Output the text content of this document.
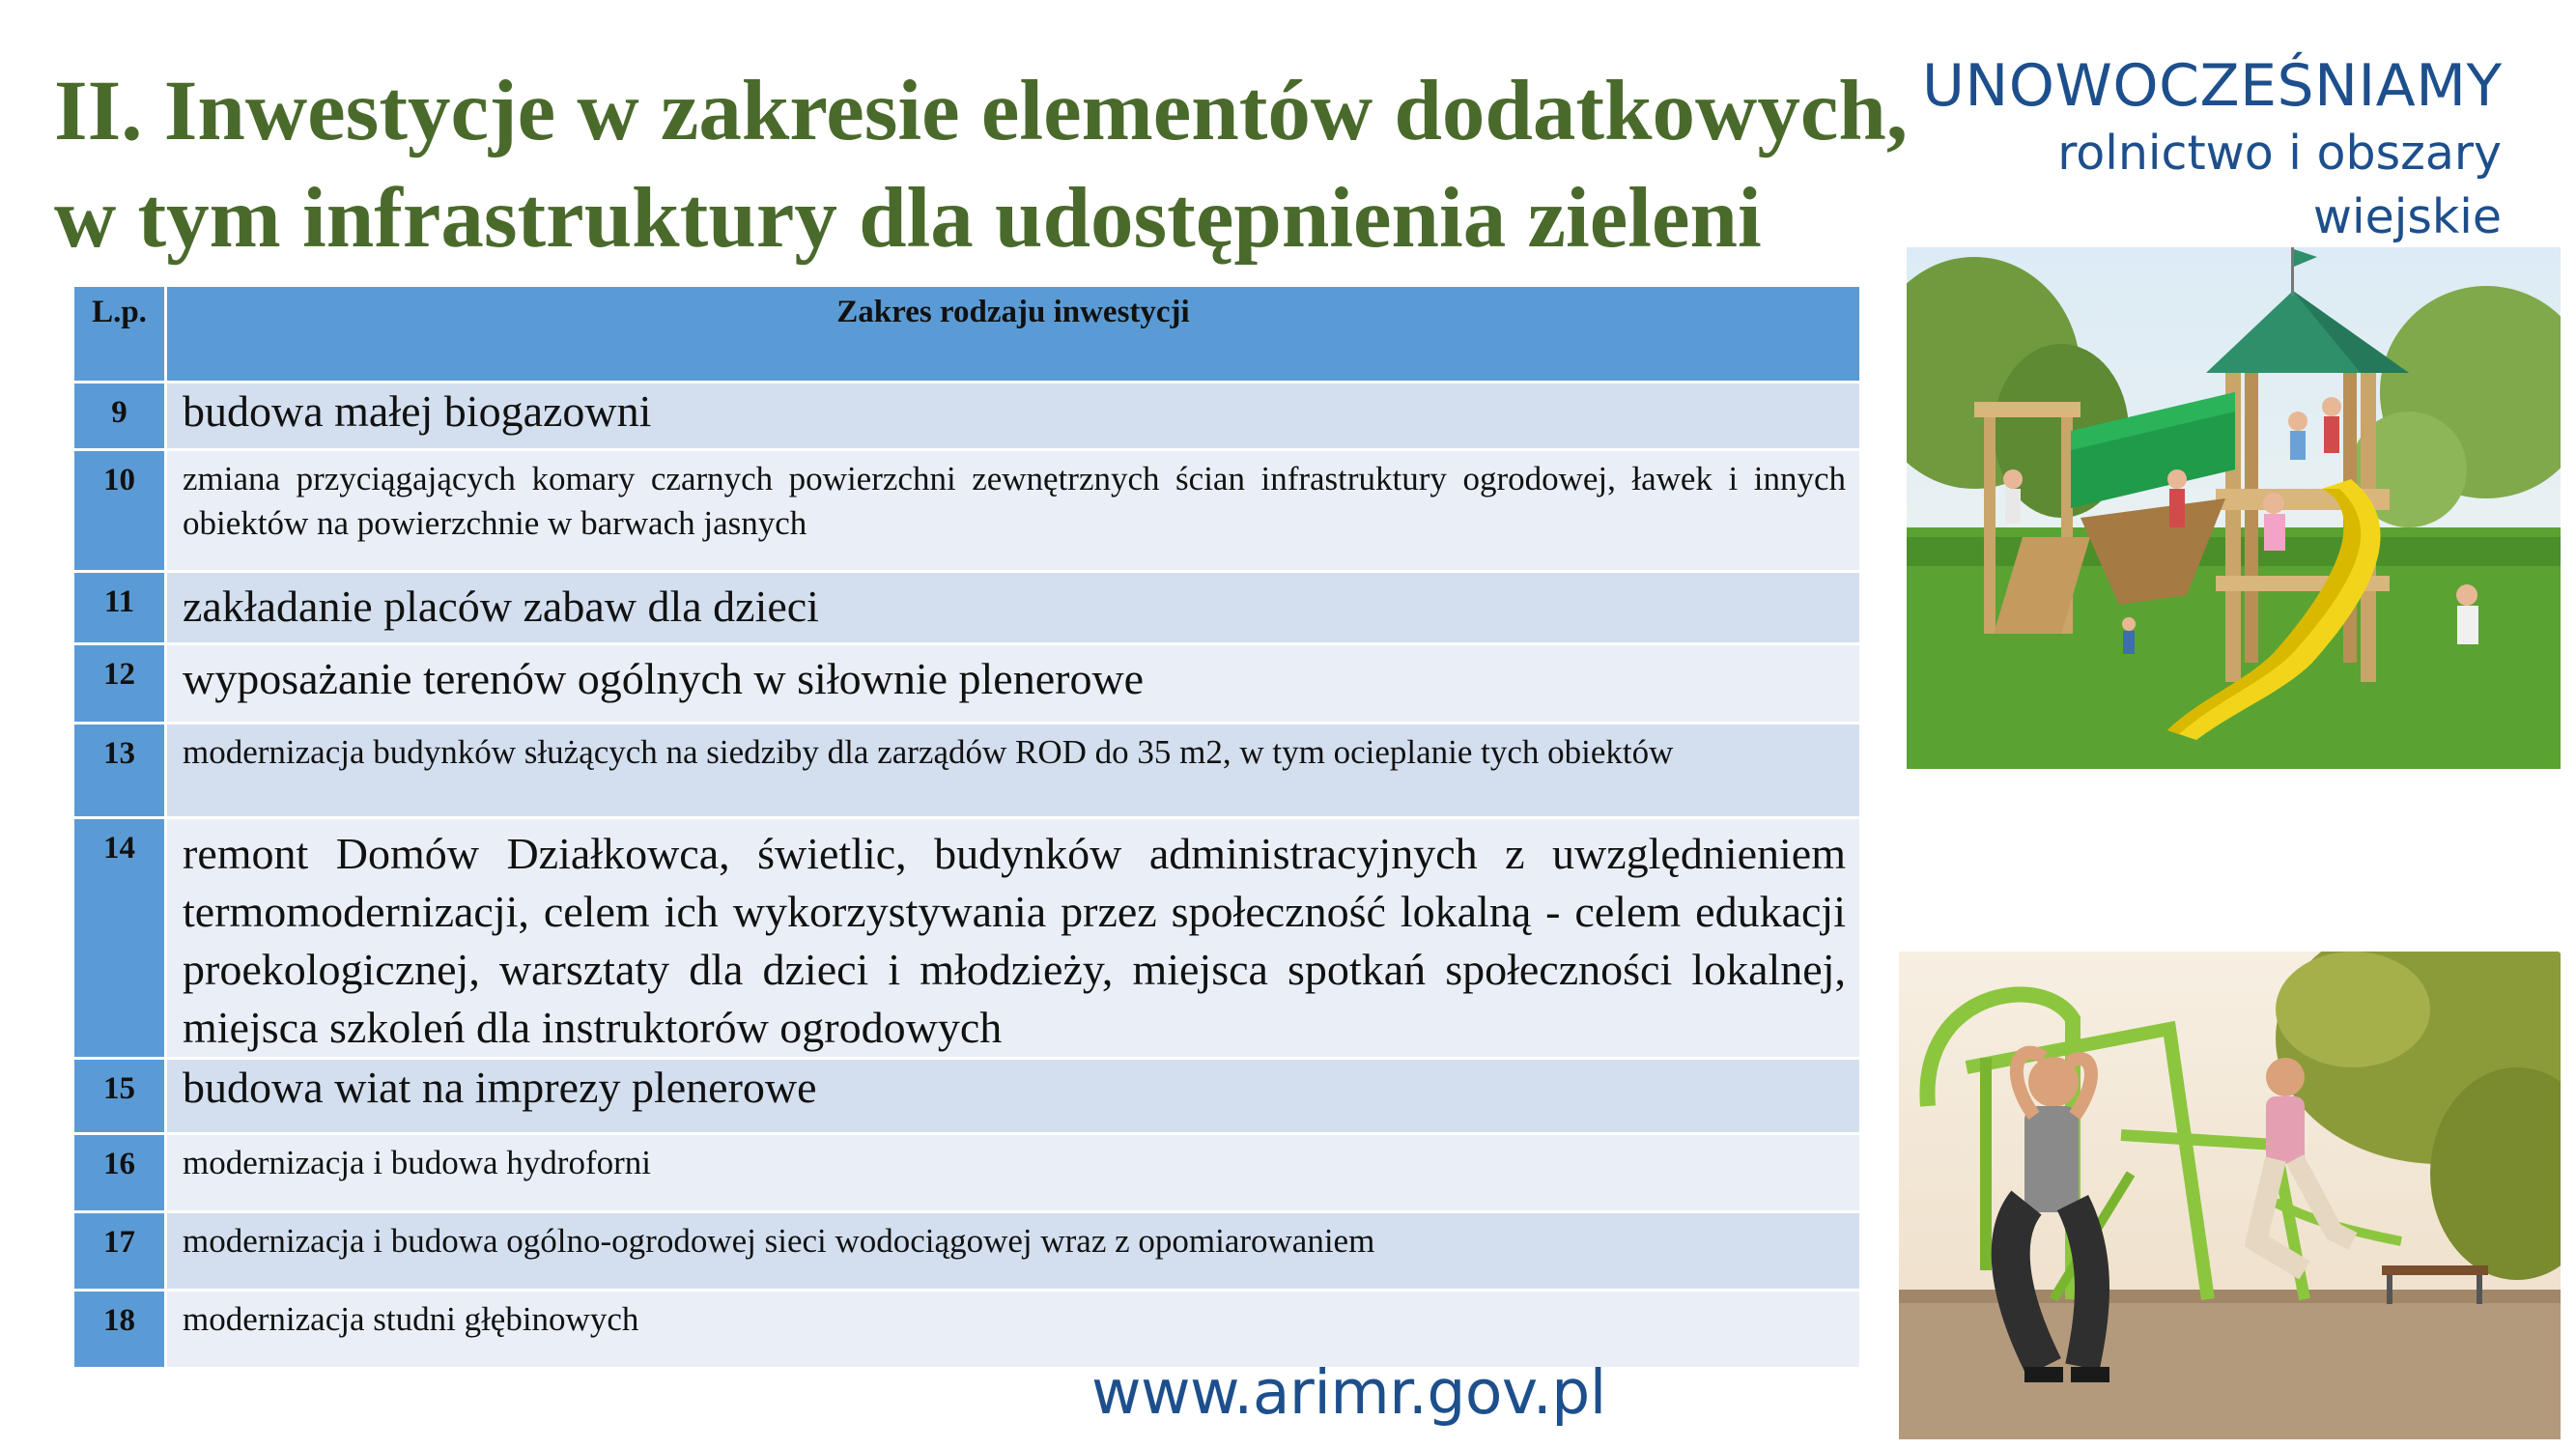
II. Inwestycje w zakresie elementów dodatkowych,
w tym infrastruktury dla udostępnienia zieleni
UNOWOCZEŚNIAMY
rolnictwo i obszary wiejskie
L.p.	Zakres rodzaju inwestycji
9	budowa małej biogazowni
10	zmiana przyciągających komary czarnych powierzchni zewnętrznych ścian infrastruktury ogrodowej, ławek i innych obiektów na powierzchnie w barwach jasnych
11	zakładanie placów zabaw dla dzieci
12	wyposażanie terenów ogólnych w siłownie plenerowe
13	modernizacja budynków służących na siedziby dla zarządów ROD do 35 m2, w tym ocieplanie tych obiektów
14	remont Domów Działkowca, świetlic, budynków administracyjnych z uwzględnieniem termomodernizacji, celem ich wykorzystywania przez społeczność lokalną - celem edukacji proekologicznej, warsztaty dla dzieci i młodzieży, miejsca spotkań społeczności lokalnej, miejsca szkoleń dla instruktorów ogrodowych
15	budowa wiat na imprezy plenerowe
16	modernizacja i budowa hydroforni
17	modernizacja i budowa ogólno-ogrodowej sieci wodociągowej wraz z opomiarowaniem
18	modernizacja studni głębinowych
www.arimr.gov.pl
